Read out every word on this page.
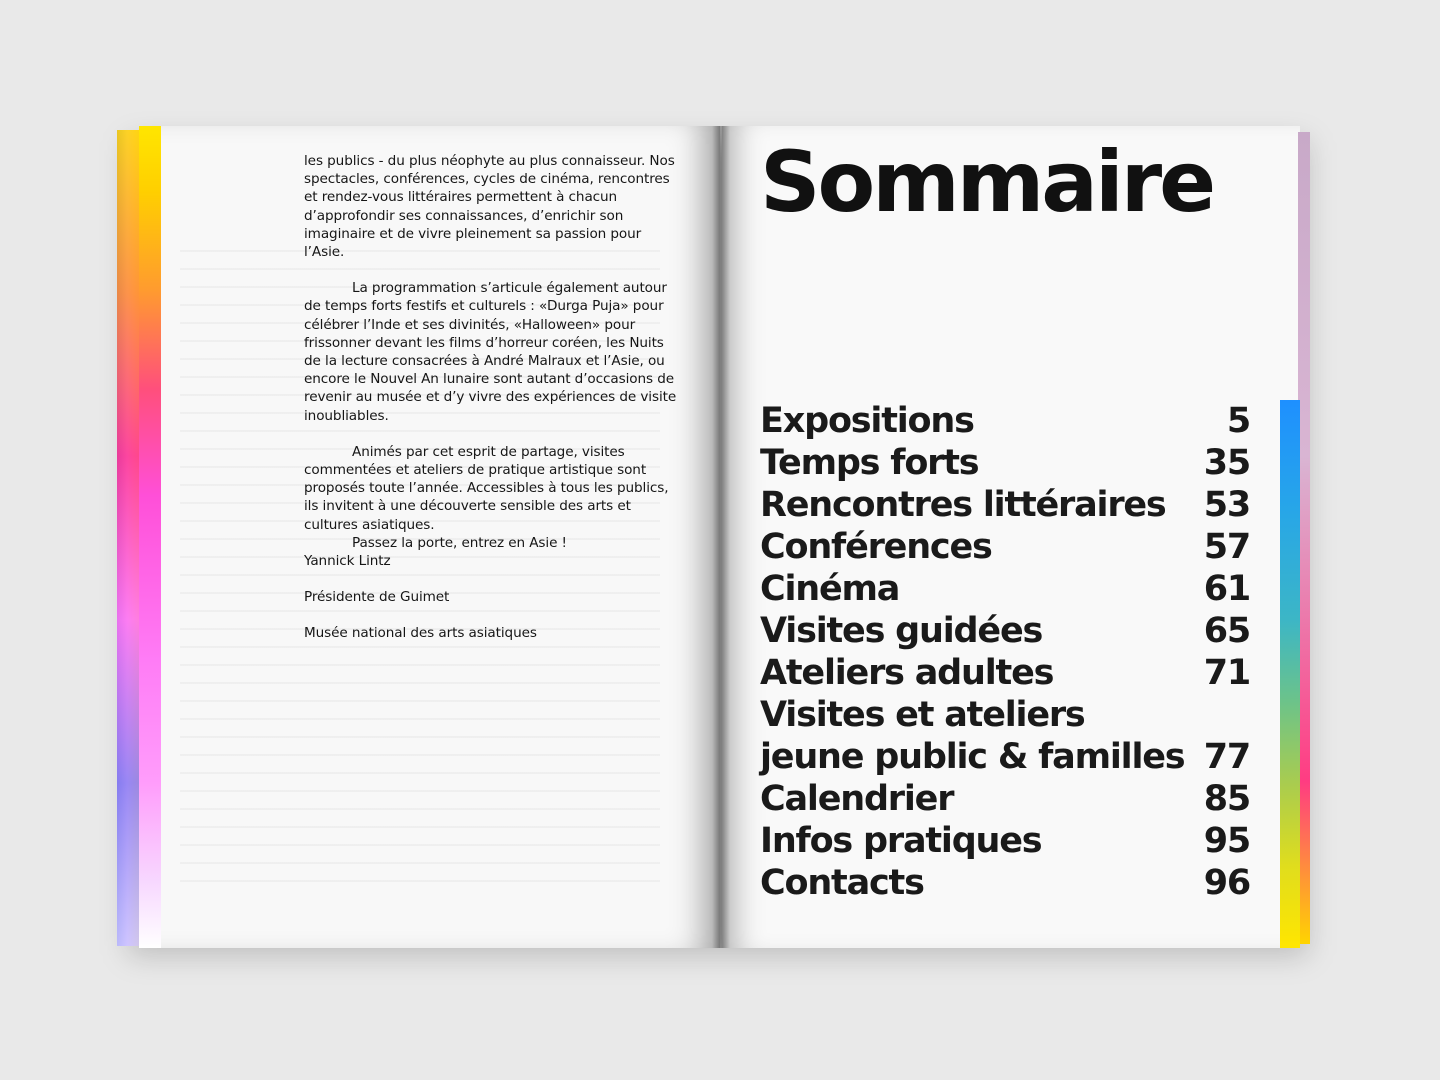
les publics - du plus néophyte au plus connaisseur. Nos spectacles, conférences, cycles de cinéma, rencontres et rendez-vous littéraires permettent à chacun d’approfondir ses connaissances, d’enrichir son imaginaire et de vivre pleinement sa passion pour l’Asie.

La programmation s’articule également autour de temps forts festifs et culturels : «Durga Puja» pour célébrer l’Inde et ses divinités, «Halloween» pour frissonner devant les films d’horreur coréen, les Nuits de la lecture consacrées à André Malraux et l’Asie, ou encore le Nouvel An lunaire sont autant d’occasions de revenir au musée et d’y vivre des expériences de visite inoubliables.

Animés par cet esprit de partage, visites commentées et ateliers de pratique artistique sont proposés toute l’année. Accessibles à tous les publics, ils invitent à une découverte sensible des arts et cultures asiatiques.

Passez la porte, entrez en Asie !

Yannick Lintz

Présidente de Guimet

Musée national des arts asiatiques

Sommaire
Expositions	5
Temps forts	35
Rencontres littéraires 53
Conférences	57
Cinéma	61
Visites guidées	65
Ateliers adultes	71
Visites et ateliers
jeune public & familles 77
Calendrier	85
Infos pratiques	95
Contacts	96
